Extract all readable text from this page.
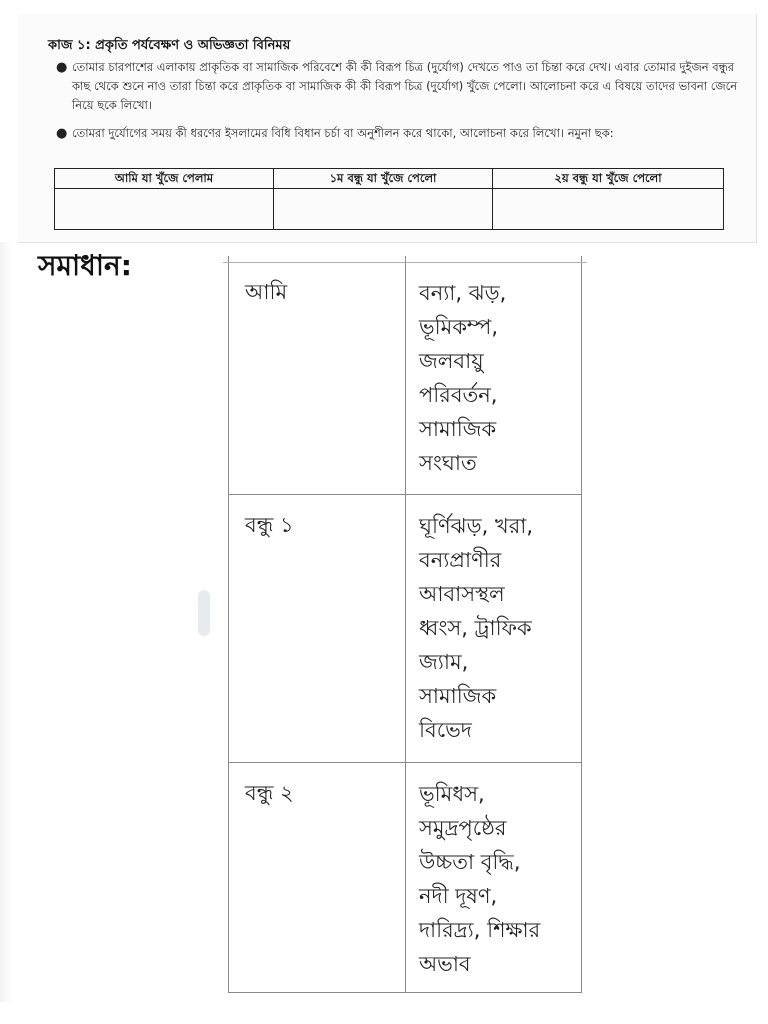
কাজ ১: প্রকৃতি পর্যবেক্ষণ ও অভিজ্ঞতা বিনিময়
● তোমার চারপাশের এলাকায় প্রাকৃতিক বা সামাজিক পরিবেশে কী কী বিরূপ চিত্র (দুর্যোগ) দেখতে পাও তা চিন্তা করে দেখ। এবার তোমার দুইজন বন্ধুর কাছ থেকে শুনে নাও তারা চিন্তা করে প্রাকৃতিক বা সামাজিক কী কী বিরূপ চিত্র (দুর্যোগ) খুঁজে পেলো। আলোচনা করে এ বিষয়ে তাদের ভাবনা জেনে নিয়ে ছকে লিখো।
● তোমরা দুর্যোগের সময় কী ধরণের ইসলামের বিধি বিধান চর্চা বা অনুশীলন করে থাকো, আলোচনা করে লিখো। নমুনা ছক:
আমি যা খুঁজে পেলাম	১ম বন্ধু যা খুঁজে পেলো	২য় বন্ধু যা খুঁজে পেলো
সমাধান:
আমি	বন্যা, ঝড়,
ভূমিকম্প,
জলবায়ু
পরিবর্তন,
সামাজিক
সংঘাত
বন্ধু ১	ঘূর্ণিঝড়, খরা,
বন্যপ্রাণীর
আবাসস্থল
ধ্বংস, ট্রাফিক
জ্যাম,
সামাজিক
বিভেদ
বন্ধু ২	ভূমিধস,
সমুদ্রপৃষ্ঠের
উচ্চতা বৃদ্ধি,
নদী দূষণ,
দারিদ্র্য, শিক্ষার
অভাব
